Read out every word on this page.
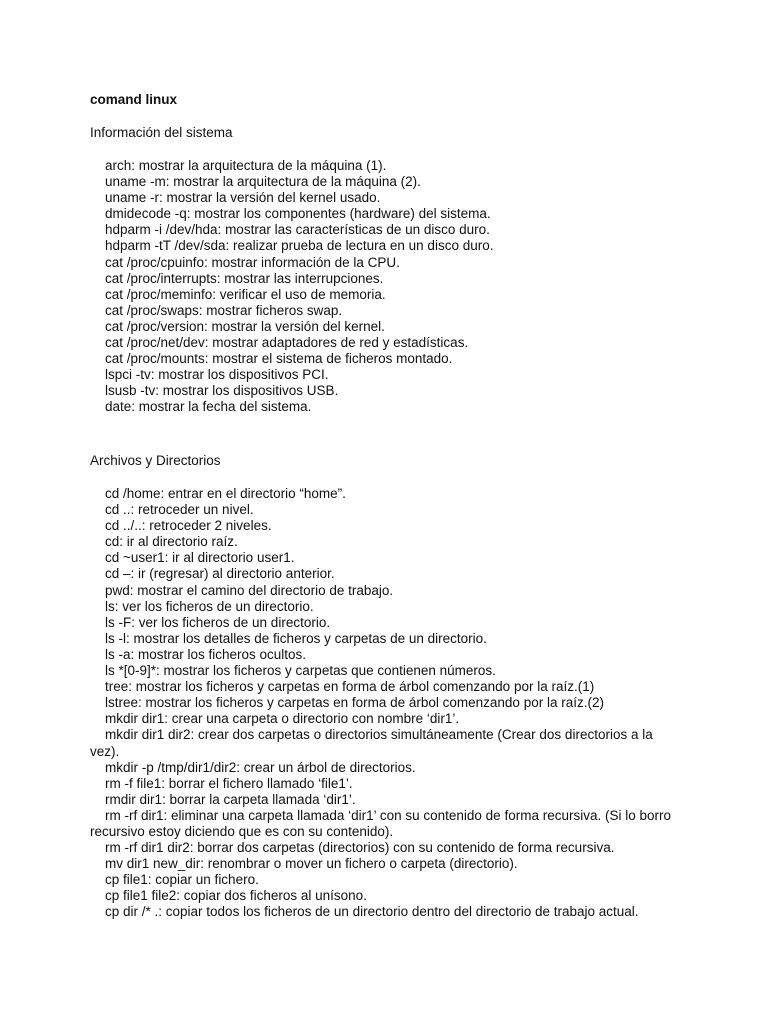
comand linux
Información del sistema
arch: mostrar la arquitectura de la máquina (1).
uname -m: mostrar la arquitectura de la máquina (2).
uname -r: mostrar la versión del kernel usado.
dmidecode -q: mostrar los componentes (hardware) del sistema.
hdparm -i /dev/hda: mostrar las características de un disco duro.
hdparm -tT /dev/sda: realizar prueba de lectura en un disco duro.
cat /proc/cpuinfo: mostrar información de la CPU.
cat /proc/interrupts: mostrar las interrupciones.
cat /proc/meminfo: verificar el uso de memoria.
cat /proc/swaps: mostrar ficheros swap.
cat /proc/version: mostrar la versión del kernel.
cat /proc/net/dev: mostrar adaptadores de red y estadísticas.
cat /proc/mounts: mostrar el sistema de ficheros montado.
lspci -tv: mostrar los dispositivos PCI.
lsusb -tv: mostrar los dispositivos USB.
date: mostrar la fecha del sistema.
Archivos y Directorios
cd /home: entrar en el directorio “home”.
cd ..: retroceder un nivel.
cd ../..: retroceder 2 niveles.
cd: ir al directorio raíz.
cd ~user1: ir al directorio user1.
cd –: ir (regresar) al directorio anterior.
pwd: mostrar el camino del directorio de trabajo.
ls: ver los ficheros de un directorio.
ls -F: ver los ficheros de un directorio.
ls -l: mostrar los detalles de ficheros y carpetas de un directorio.
ls -a: mostrar los ficheros ocultos.
ls *[0-9]*: mostrar los ficheros y carpetas que contienen números.
tree: mostrar los ficheros y carpetas en forma de árbol comenzando por la raíz.(1)
lstree: mostrar los ficheros y carpetas en forma de árbol comenzando por la raíz.(2)
mkdir dir1: crear una carpeta o directorio con nombre ‘dir1’.
mkdir dir1 dir2: crear dos carpetas o directorios simultáneamente (Crear dos directorios a la vez).
mkdir -p /tmp/dir1/dir2: crear un árbol de directorios.
rm -f file1: borrar el fichero llamado ‘file1’.
rmdir dir1: borrar la carpeta llamada ‘dir1’.
rm -rf dir1: eliminar una carpeta llamada ‘dir1’ con su contenido de forma recursiva. (Si lo borro recursivo estoy diciendo que es con su contenido).
rm -rf dir1 dir2: borrar dos carpetas (directorios) con su contenido de forma recursiva.
mv dir1 new_dir: renombrar o mover un fichero o carpeta (directorio).
cp file1: copiar un fichero.
cp file1 file2: copiar dos ficheros al unísono.
cp dir /* .: copiar todos los ficheros de un directorio dentro del directorio de trabajo actual.
